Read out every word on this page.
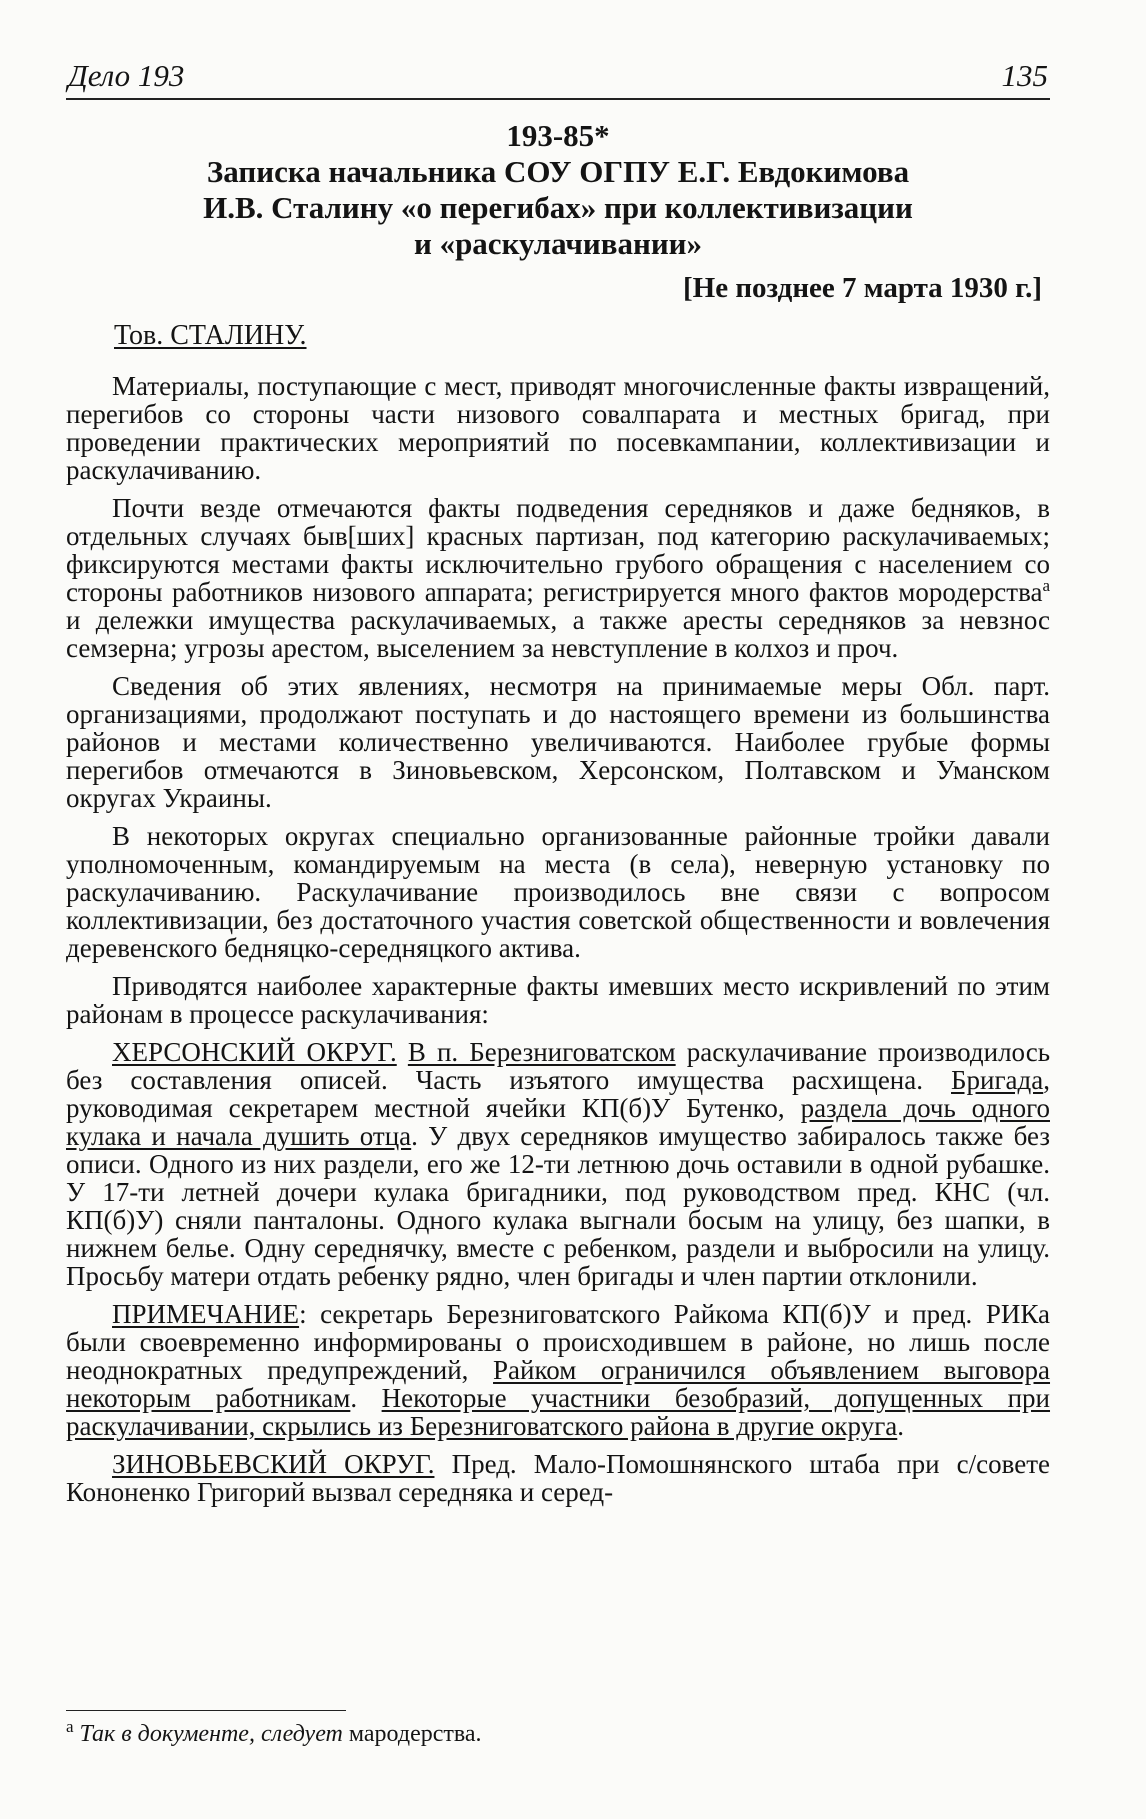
Дело 193	135
193-85*
Записка начальника СОУ ОГПУ Е.Г. Евдокимова
И.В. Сталину «о перегибах» при коллективизации
и «раскулачивании»
[Не позднее 7 марта 1930 г.]
Тов. СТАЛИНУ.

Материалы, поступающие с мест, приводят многочисленные факты извращений, перегибов со стороны части низового совалпарата и местных бригад, при проведении практических мероприятий по посевкампании, коллективизации и раскулачиванию.

Почти везде отмечаются факты подведения середняков и даже бедняков, в отдельных случаях быв[ших] красных партизан, под категорию раскулачиваемых; фиксируются местами факты исключительно грубого обращения с населением со стороны работников низового аппарата; регистрируется много фактов мородерства$^а$ и дележки имущества раскулачиваемых, а также аресты середняков за невзнос семзерна; угрозы арестом, выселением за невступление в колхоз и проч.

Сведения об этих явлениях, несмотря на принимаемые меры Обл. парт. организациями, продолжают поступать и до настоящего времени из большинства районов и местами количественно увеличиваются. Наиболее грубые формы перегибов отмечаются в Зиновьевском, Херсонском, Полтавском и Уманском округах Украины.

В некоторых округах специально организованные районные тройки давали уполномоченным, командируемым на места (в села), неверную установку по раскулачиванию. Раскулачивание производилось вне связи с вопросом коллективизации, без достаточного участия советской общественности и вовлечения деревенского бедняцко-середняцкого актива.

Приводятся наиболее характерные факты имевших место искривлений по этим районам в процессе раскулачивания:

ХЕРСОНСКИЙ ОКРУГ. В п. Березниговатском раскулачивание производилось без составления описей. Часть изъятого имущества расхищена. Бригада, руководимая секретарем местной ячейки КП(б)У Бутенко, раздела дочь одного кулака и начала душить отца. У двух середняков имущество забиралось также без описи. Одного из них раздели, его же 12-ти летнюю дочь оставили в одной рубашке. У 17-ти летней дочери кулака бригадники, под руководством пред. КНС (чл. КП(б)У) сняли панталоны. Одного кулака выгнали босым на улицу, без шапки, в нижнем белье. Одну середнячку, вместе с ребенком, раздели и выбросили на улицу. Просьбу матери отдать ребенку рядно, член бригады и член партии отклонили.

ПРИМЕЧАНИЕ: секретарь Березниговатского Райкома КП(б)У и пред. РИКа были своевременно информированы о происходившем в районе, но лишь после неоднократных предупреждений, Райком ограничился объявлением выговора некоторым работникам. Некоторые участники безобразий, допущенных при раскулачивании, скрылись из Березниговатского района в другие округа.

ЗИНОВЬЕВСКИЙ ОКРУГ. Пред. Мало-Помошнянского штаба при с/совете Кононенко Григорий вызвал середняка и серед-

$^а$ Так в документе, следует мародерства.
